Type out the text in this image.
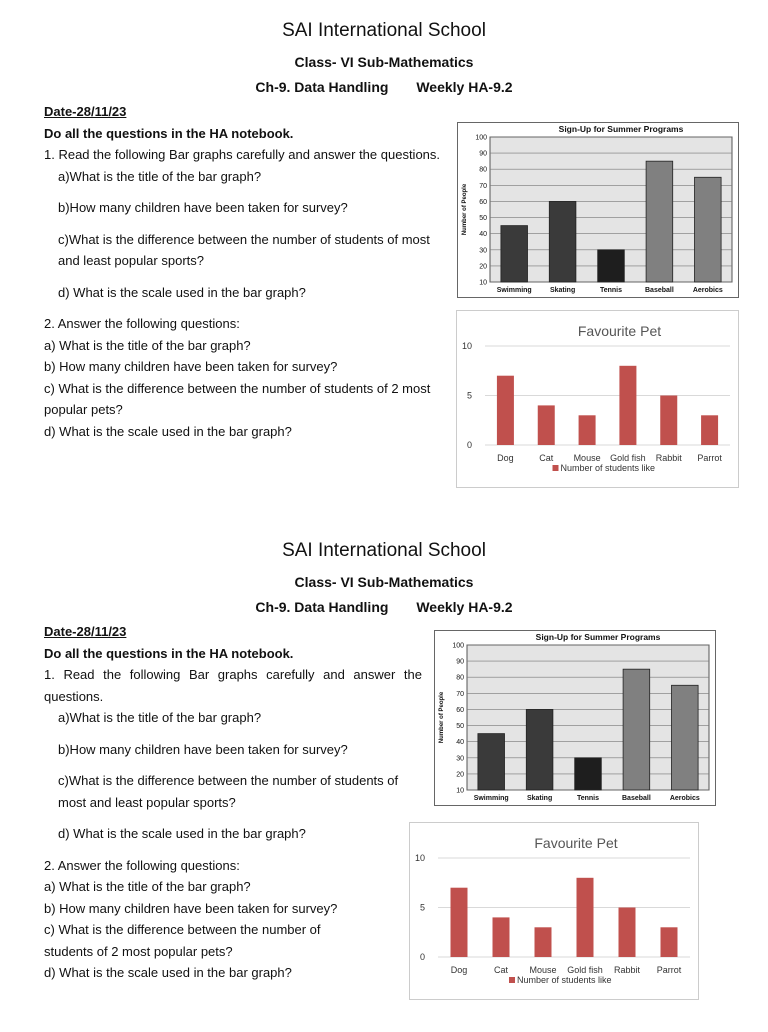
SAI International School
Class- VI Sub-Mathematics
Ch-9. Data Handling Weekly HA-9.2

Date-28/11/23

Do all the questions in the HA notebook.

1. Read the following Bar graphs carefully and answer the questions.

a)What is the title of the bar graph?

b)How many children have been taken for survey?

c)What is the difference between the number of students of most and least popular sports?

d) What is the scale used in the bar graph?

2. Answer the following questions:

a) What is the title of the bar graph?

b) How many children have been taken for survey?

c) What is the difference between the number of students of 2 most popular pets?

d) What is the scale used in the bar graph?

10
20
30
40
50
60
70
80
90
100
Sign-Up for Summer Programs
Number of People
Swimming	Skating	Tennis	Baseball	Aerobics
Favourite Pet
0
5
10
Dog	Cat Mouse Gold fish Rabbit Parrot
Number of students like
SAI International School
Class- VI Sub-Mathematics
Ch-9. Data Handling Weekly HA-9.2

Date-28/11/23

Do all the questions in the HA notebook.

1. Read the following Bar graphs carefully and answer the questions.

a)What is the title of the bar graph?

b)How many children have been taken for survey?

c)What is the difference between the number of students of most and least popular sports?

d) What is the scale used in the bar graph?

2. Answer the following questions:

a) What is the title of the bar graph?

b) How many children have been taken for survey?

c) What is the difference between the number of students of 2 most popular pets?

d) What is the scale used in the bar graph?

10
20
30
40
50
60
70
80
90
100
Sign-Up for Summer Programs
Number of People
Swimming	Skating	Tennis	Baseball	Aerobics
Favourite Pet
0
5
10
Dog	Cat Mouse Gold fish Rabbit Parrot
Number of students like
